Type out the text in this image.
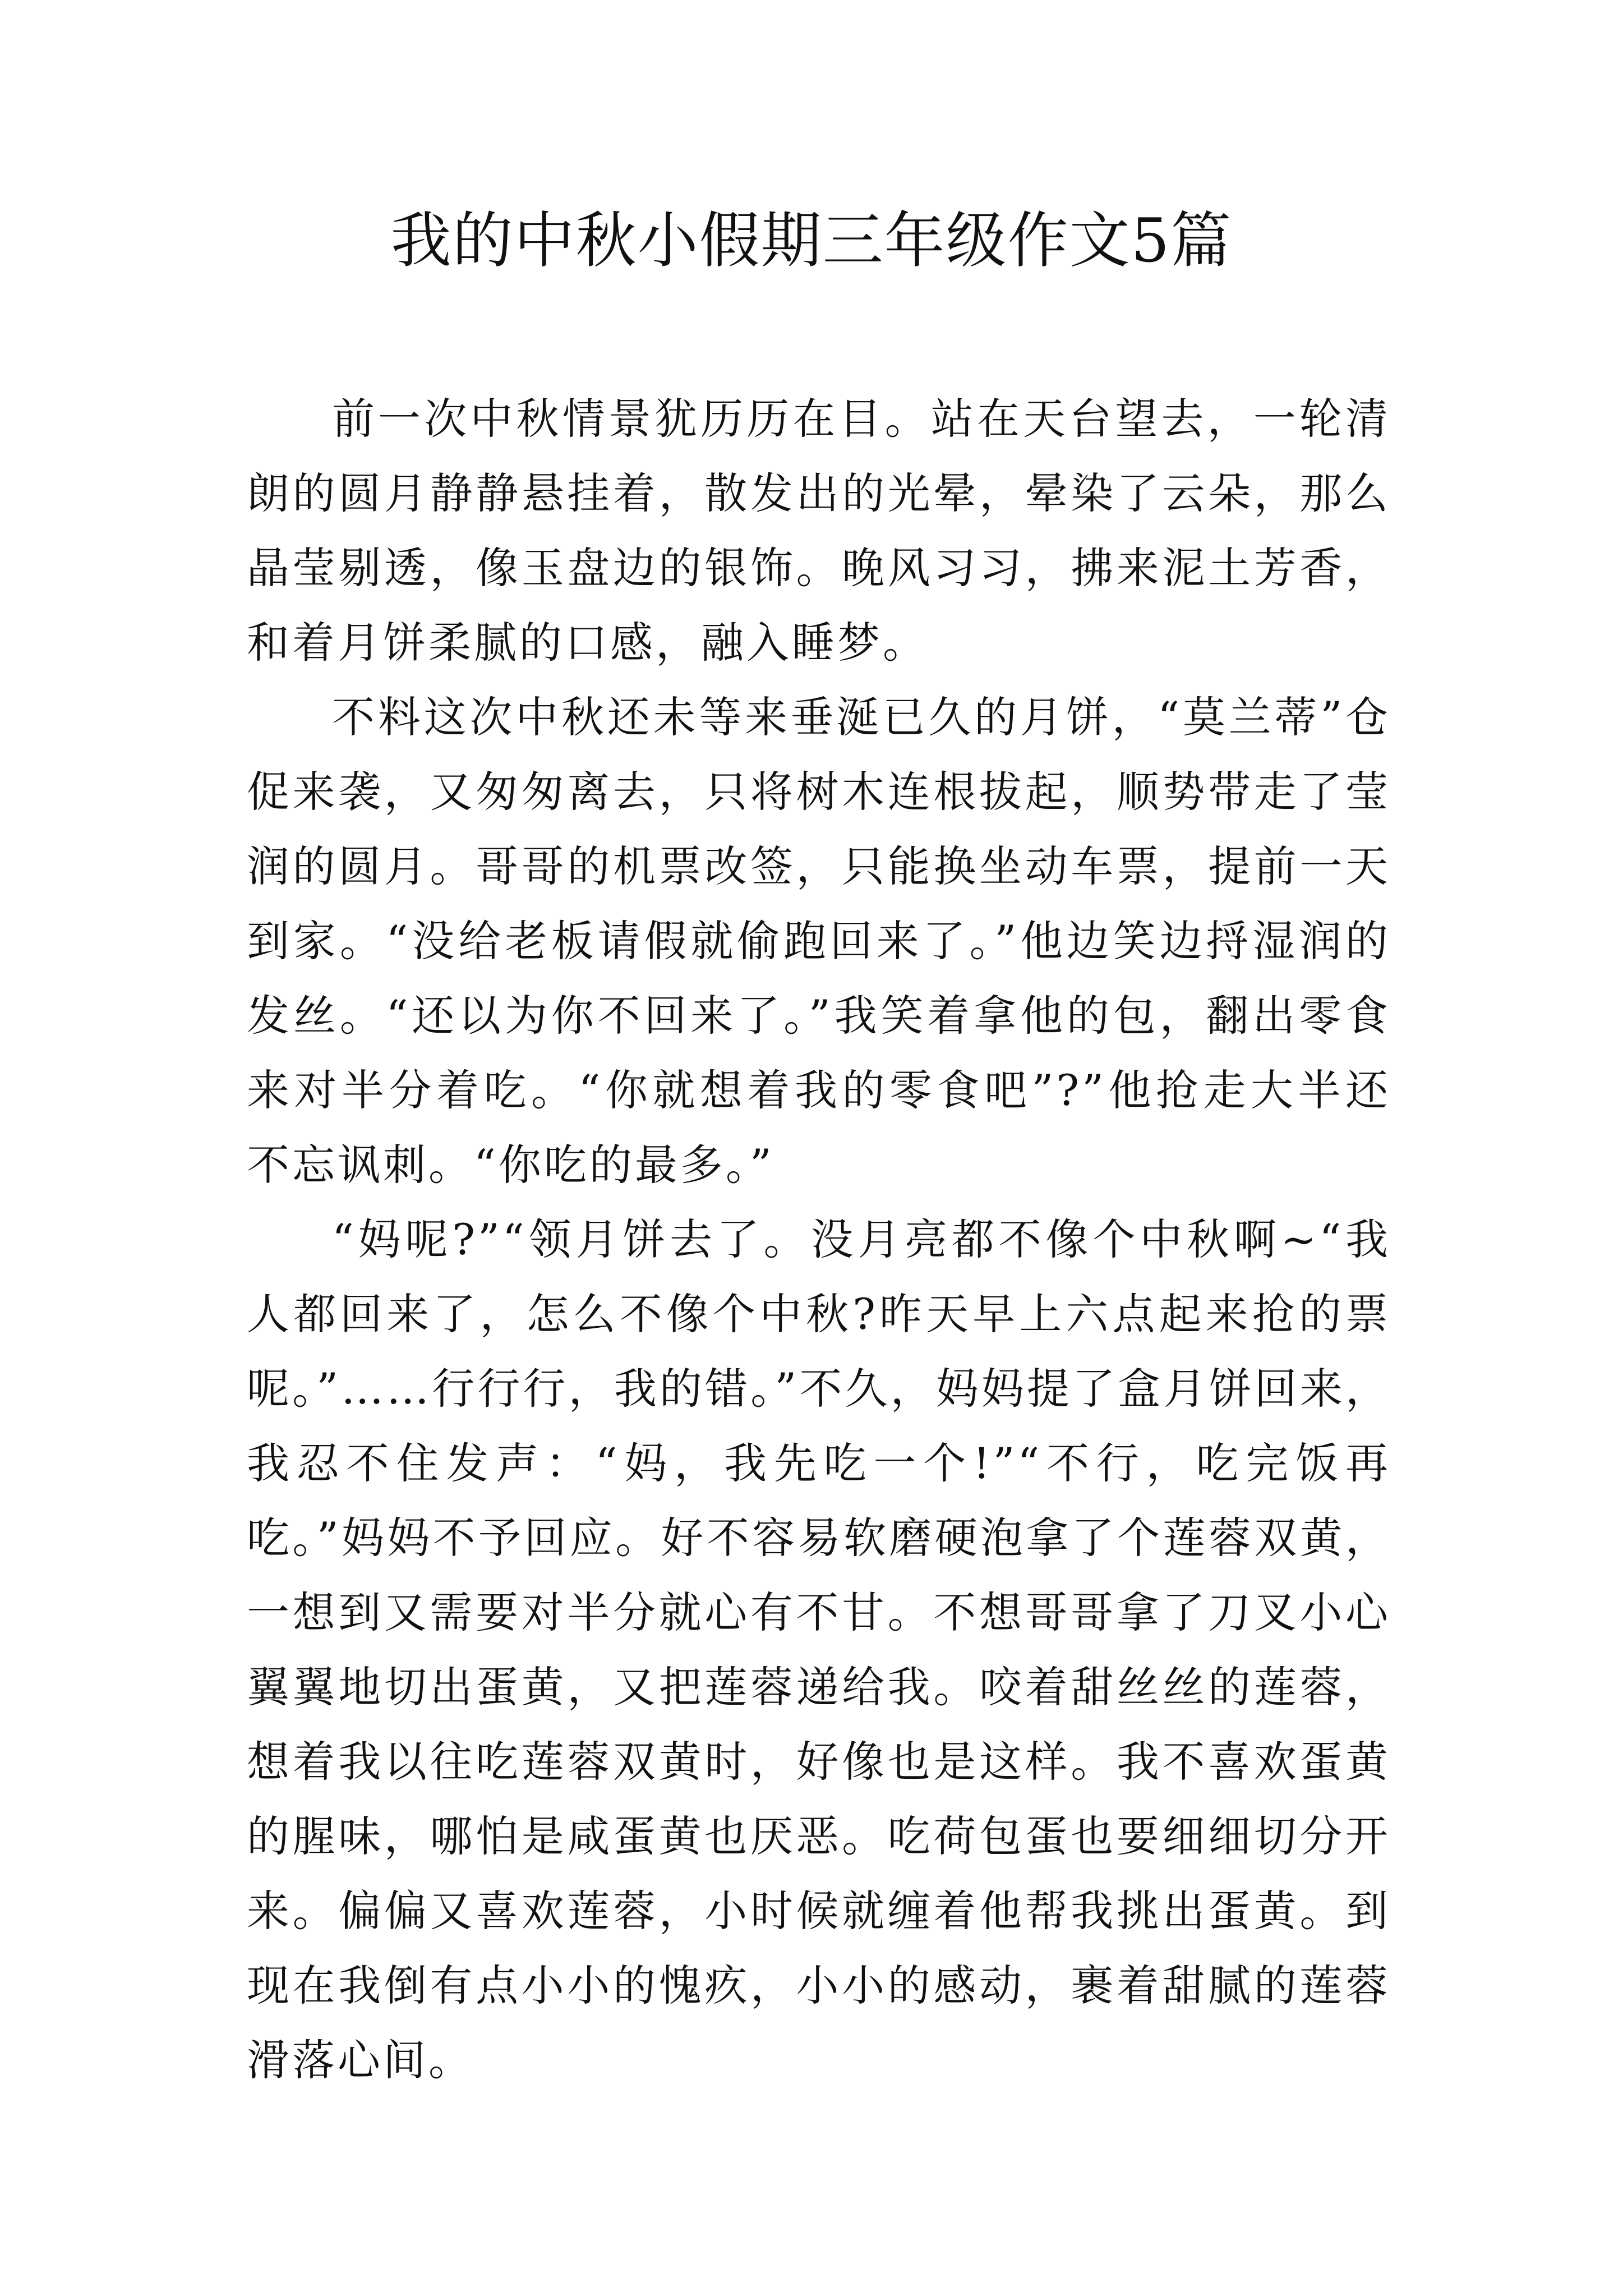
我的中秋小假期三年级作文5篇

前一次中秋情景犹历历在目。站在天台望去，一轮清朗的圆月静静悬挂着，散发出的光晕，晕染了云朵，那么晶莹剔透，像玉盘边的银饰。晚风习习，拂来泥土芳香，和着月饼柔腻的口感，融入睡梦。

不料这次中秋还未等来垂涎已久的月饼，“莫兰蒂”仓促来袭，又匆匆离去，只将树木连根拔起，顺势带走了莹润的圆月。哥哥的机票改签，只能换坐动车票，提前一天到家。“没给老板请假就偷跑回来了。”他边笑边捋湿润的发丝。“还以为你不回来了。”我笑着拿他的包，翻出零食来对半分着吃。“你就想着我的零食吧”?”他抢走大半还不忘讽刺。“你吃的最多。”

“妈呢?”“领月饼去了。没月亮都不像个中秋啊~“我人都回来了，怎么不像个中秋?昨天早上六点起来抢的票呢。”……行行行，我的错。”不久，妈妈提了盒月饼回来，我忍不住发声：“妈，我先吃一个!”“不行，吃完饭再吃。”妈妈不予回应。好不容易软磨硬泡拿了个莲蓉双黄，一想到又需要对半分就心有不甘。不想哥哥拿了刀叉小心翼翼地切出蛋黄，又把莲蓉递给我。咬着甜丝丝的莲蓉，想着我以往吃莲蓉双黄时，好像也是这样。我不喜欢蛋黄的腥味，哪怕是咸蛋黄也厌恶。吃荷包蛋也要细细切分开来。偏偏又喜欢莲蓉，小时候就缠着他帮我挑出蛋黄。到现在我倒有点小小的愧疚，小小的感动，裹着甜腻的莲蓉滑落心间。
